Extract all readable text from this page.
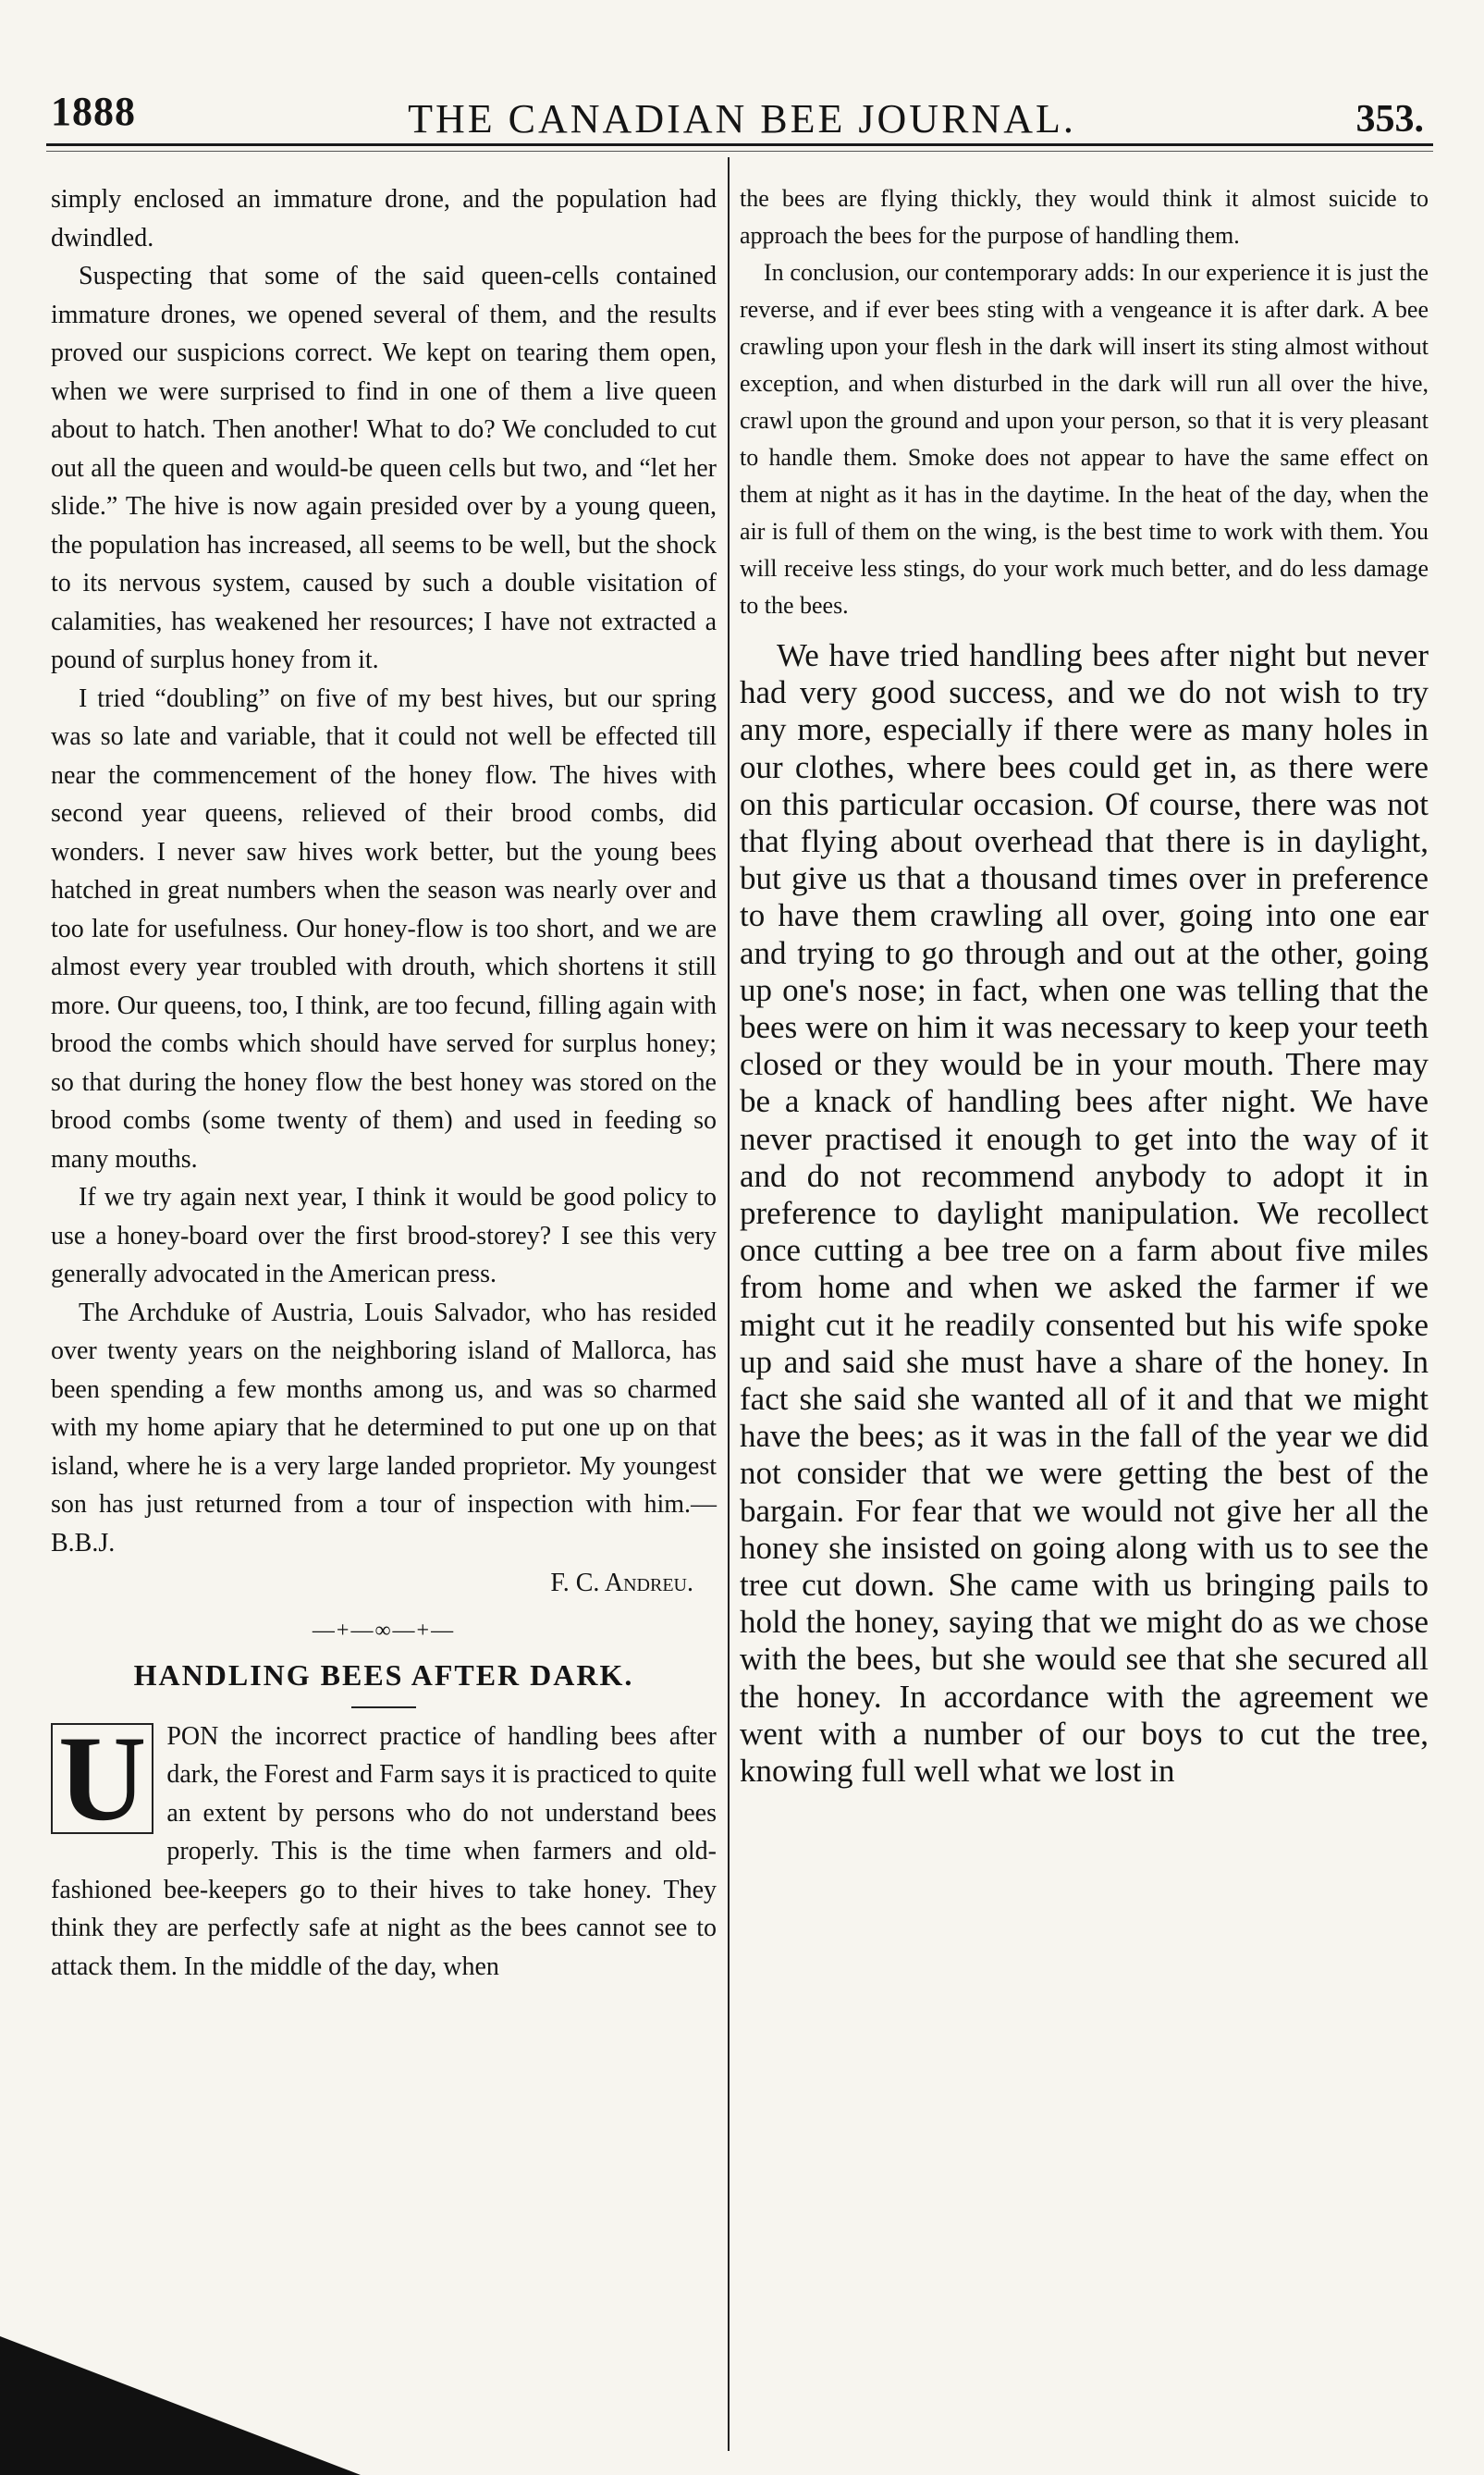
1888	THE CANADIAN BEE JOURNAL.	353.

simply enclosed an immature drone, and the population had dwindled.

Suspecting that some of the said queen-cells contained immature drones, we opened several of them, and the results proved our suspicions correct. We kept on tearing them open, when we were surprised to find in one of them a live queen about to hatch. Then another! What to do? We concluded to cut out all the queen and would-be queen cells but two, and “let her slide.” The hive is now again presided over by a young queen, the population has increased, all seems to be well, but the shock to its nervous system, caused by such a double visitation of calamities, has weakened her resources; I have not extracted a pound of surplus honey from it.

I tried “doubling” on five of my best hives, but our spring was so late and variable, that it could not well be effected till near the commencement of the honey flow. The hives with second year queens, relieved of their brood combs, did wonders. I never saw hives work better, but the young bees hatched in great numbers when the season was nearly over and too late for usefulness. Our honey-flow is too short, and we are almost every year troubled with drouth, which shortens it still more. Our queens, too, I think, are too fecund, filling again with brood the combs which should have served for surplus honey; so that during the honey flow the best honey was stored on the brood combs (some twenty of them) and used in feeding so many mouths.

If we try again next year, I think it would be good policy to use a honey-board over the first brood-storey? I see this very generally advocated in the American press.

The Archduke of Austria, Louis Salvador, who has resided over twenty years on the neighboring island of Mallorca, has been spending a few months among us, and was so charmed with my home apiary that he determined to put one up on that island, where he is a very large landed proprietor. My youngest son has just returned from a tour of inspection with him.—B.B.J.

F. C. Andreu.
—+—∞—+—
HANDLING BEES AFTER DARK.

U PON the incorrect practice of handling bees after dark, the Forest and Farm says it is practiced to quite an extent by persons who do not understand bees properly. This is the time when farmers and old-fashioned bee-keepers go to their hives to take honey. They think they are perfectly safe at night as the bees cannot see to attack them. In the middle of the day, when

the bees are flying thickly, they would think it almost suicide to approach the bees for the purpose of handling them.

In conclusion, our contemporary adds: In our experience it is just the reverse, and if ever bees sting with a vengeance it is after dark. A bee crawling upon your flesh in the dark will insert its sting almost without exception, and when disturbed in the dark will run all over the hive, crawl upon the ground and upon your person, so that it is very pleasant to handle them. Smoke does not appear to have the same effect on them at night as it has in the daytime. In the heat of the day, when the air is full of them on the wing, is the best time to work with them. You will receive less stings, do your work much better, and do less damage to the bees.

We have tried handling bees after night but never had very good success, and we do not wish to try any more, especially if there were as many holes in our clothes, where bees could get in, as there were on this particular occasion. Of course, there was not that flying about overhead that there is in daylight, but give us that a thousand times over in preference to have them crawling all over, going into one ear and trying to go through and out at the other, going up one's nose; in fact, when one was telling that the bees were on him it was necessary to keep your teeth closed or they would be in your mouth. There may be a knack of handling bees after night. We have never practised it enough to get into the way of it and do not recommend anybody to adopt it in preference to daylight manipulation. We recollect once cutting a bee tree on a farm about five miles from home and when we asked the farmer if we might cut it he readily consented but his wife spoke up and said she must have a share of the honey. In fact she said she wanted all of it and that we might have the bees; as it was in the fall of the year we did not consider that we were getting the best of the bargain. For fear that we would not give her all the honey she insisted on going along with us to see the tree cut down. She came with us bringing pails to hold the honey, saying that we might do as we chose with the bees, but she would see that she secured all the honey. In accordance with the agreement we went with a number of our boys to cut the tree, knowing full well what we lost in
